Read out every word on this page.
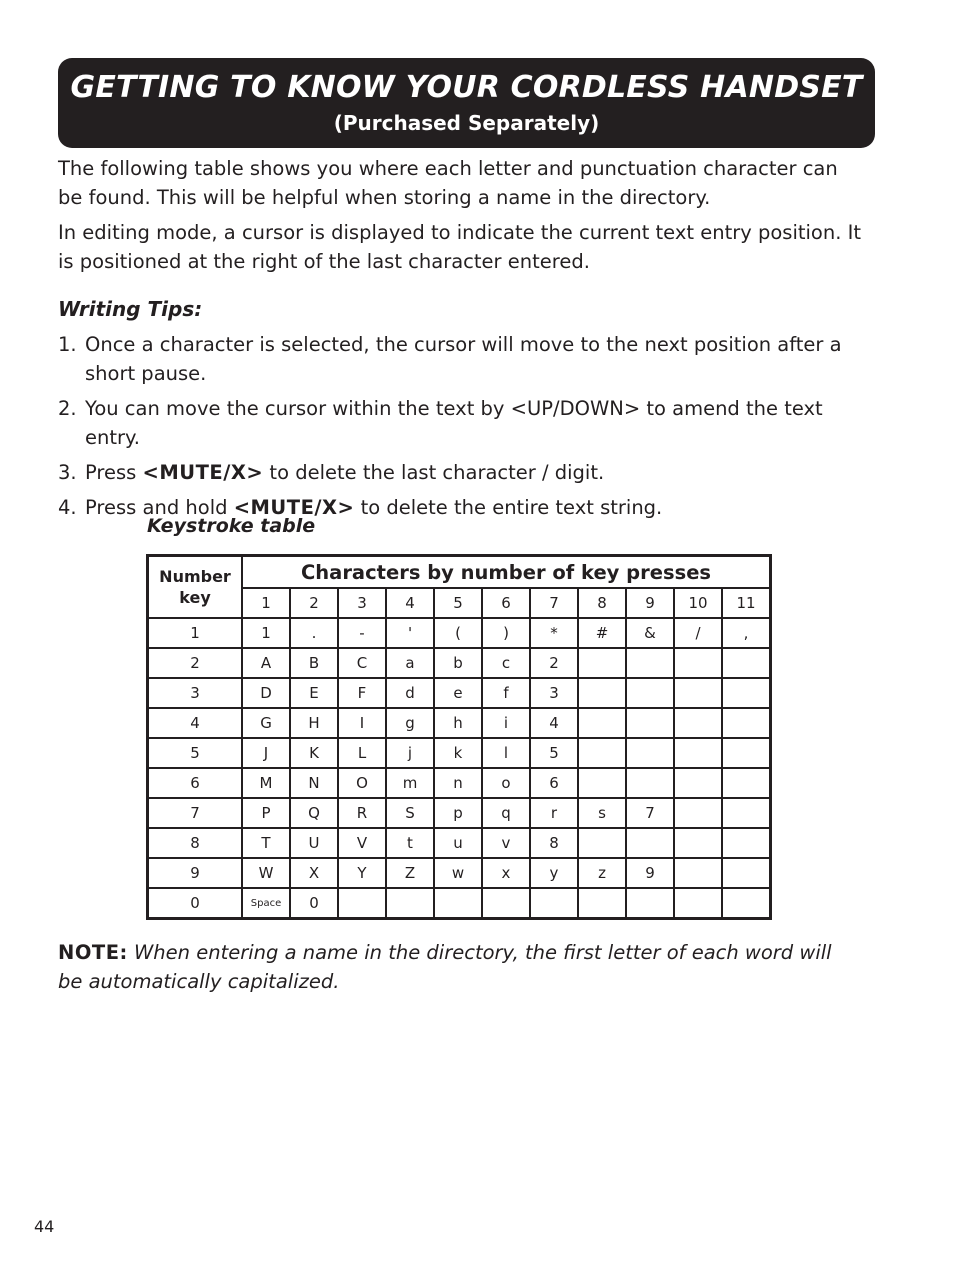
GETTING TO KNOW YOUR CORDLESS HANDSET
(Purchased Separately)

The following table shows you where each letter and punctuation character can be found. This will be helpful when storing a name in the directory.

In editing mode, a cursor is displayed to indicate the current text entry position. It is positioned at the right of the last character entered.

Writing Tips:
1. Once a character is selected, the cursor will move to the next position after a short pause.
2. You can move the cursor within the text by <UP/DOWN> to amend the text entry.
3. Press <MUTE/X> to delete the last character / digit.
4. Press and hold <MUTE/X> to delete the entire text string.
Keystroke table
Number key	Characters by number of key presses										
	1	2	3	4	5	6	7	8	9	10	11
1	1	.	-	'	(	)	*	#	&	/	,
2	A	B	C	a	b	c	2				
3	D	E	F	d	e	f	3				
4	G	H	I	g	h	i	4				
5	J	K	L	j	k	l	5				
6	M	N	O	m	n	o	6				
7	P	Q	R	S	p	q	r	s	7		
8	T	U	V	t	u	v	8				
9	W	X	Y	Z	w	x	y	z	9		
0	Space	0									
NOTE: When entering a name in the directory, the first letter of each word will be automatically capitalized.
44
